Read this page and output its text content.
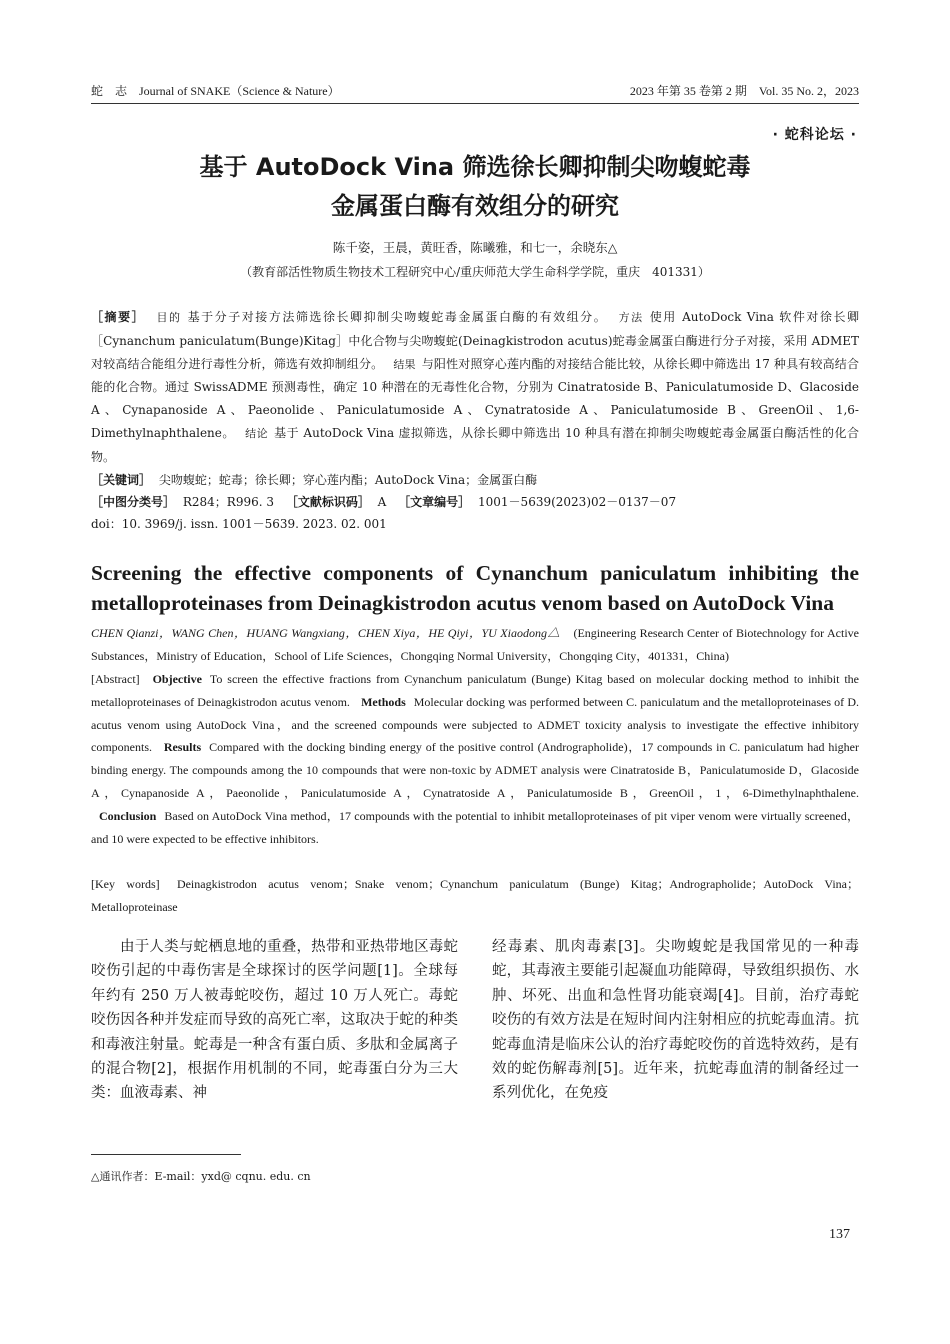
蛇　志　Journal of SNAKE（Science & Nature）	2023 年第 35 卷第 2 期　Vol. 35 No. 2，2023
· 蛇科论坛 ·
基于 AutoDock Vina 筛选徐长卿抑制尖吻蝮蛇毒
金属蛋白酶有效组分的研究
陈千姿，王晨，黄旺香，陈曦雅，和七一，余晓东△
（教育部活性物质生物技术工程研究中心/重庆师范大学生命科学学院，重庆　401331）
［摘要］ 目的 基于分子对接方法筛选徐长卿抑制尖吻蝮蛇毒金属蛋白酶的有效组分。 方法 使用 AutoDock Vina 软件对徐长卿［Cynanchum paniculatum(Bunge)Kitag］中化合物与尖吻蝮蛇(Deinagkistrodon acutus)蛇毒金属蛋白酶进行分子对接，采用 ADMET 对较高结合能组分进行毒性分析，筛选有效抑制组分。 结果 与阳性对照穿心莲内酯的对接结合能比较，从徐长卿中筛选出 17 种具有较高结合能的化合物。通过 SwissADME 预测毒性，确定 10 种潜在的无毒性化合物，分别为 Cinatratoside B、Paniculatumoside D、Glacoside A、Cynapanoside A、Paeonolide、Paniculatumoside A、Cynatratoside A、Paniculatumoside B、GreenOil、1,6-Dimethylnaphthalene。 结论 基于 AutoDock Vina 虚拟筛选，从徐长卿中筛选出 10 种具有潜在抑制尖吻蝮蛇毒金属蛋白酶活性的化合物。
［关键词］ 尖吻蝮蛇；蛇毒；徐长卿；穿心莲内酯；AutoDock Vina；金属蛋白酶
［中图分类号］ R284；R996. 3 ［文献标识码］ A ［文章编号］ 1001－5639(2023)02－0137－07
doi：10. 3969/j. issn. 1001－5639. 2023. 02. 001
Screening the effective components of Cynanchum paniculatum inhibiting the metalloproteinases from Deinagkistrodon acutus venom based on AutoDock Vina
CHEN Qianzi，WANG Chen，HUANG Wangxiang，CHEN Xiya，HE Qiyi，YU Xiaodong△ (Engineering Research Center of Biotechnology for Active Substances，Ministry of Education，School of Life Sciences，Chongqing Normal University，Chongqing City，401331，China)
[Abstract] Objective To screen the effective fractions from Cynanchum paniculatum (Bunge) Kitag based on molecular docking method to inhibit the metalloproteinases of Deinagkistrodon acutus venom. Methods Molecular docking was performed between C. paniculatum and the metalloproteinases of D. acutus venom using AutoDock Vina，and the screened compounds were subjected to ADMET toxicity analysis to investigate the effective inhibitory components. Results Compared with the docking binding energy of the positive control (Andrographolide)，17 compounds in C. paniculatum had higher binding energy. The compounds among the 10 compounds that were non-toxic by ADMET analysis were Cinatratoside B，Paniculatumoside D，Glacoside A，Cynapanoside A，Paeonolide，Paniculatumoside A，Cynatratoside A，Paniculatumoside B，GreenOil，1，6-Dimethylnaphthalene. Conclusion Based on AutoDock Vina method，17 compounds with the potential to inhibit metalloproteinases of pit viper venom were virtually screened，and 10 were expected to be effective inhibitors.
[Key words] Deinagkistrodon acutus venom；Snake venom；Cynanchum paniculatum (Bunge) Kitag；Andrographolide；AutoDock Vina；Metalloproteinase
由于人类与蛇栖息地的重叠，热带和亚热带地区毒蛇咬伤引起的中毒伤害是全球探讨的医学问题[1]。全球每年约有 250 万人被毒蛇咬伤，超过 10 万人死亡。毒蛇咬伤因各种并发症而导致的高死亡率，这取决于蛇的种类和毒液注射量。蛇毒是一种含有蛋白质、多肽和金属离子的混合物[2]，根据作用机制的不同，蛇毒蛋白分为三大类：血液毒素、神
经毒素、肌肉毒素[3]。尖吻蝮蛇是我国常见的一种毒蛇，其毒液主要能引起凝血功能障碍，导致组织损伤、水肿、坏死、出血和急性肾功能衰竭[4]。目前，治疗毒蛇咬伤的有效方法是在短时间内注射相应的抗蛇毒血清。抗蛇毒血清是临床公认的治疗毒蛇咬伤的首选特效药，是有效的蛇伤解毒剂[5]。近年来，抗蛇毒血清的制备经过一系列优化，在免疫
△通讯作者：E-mail：yxd@ cqnu. edu. cn
137
